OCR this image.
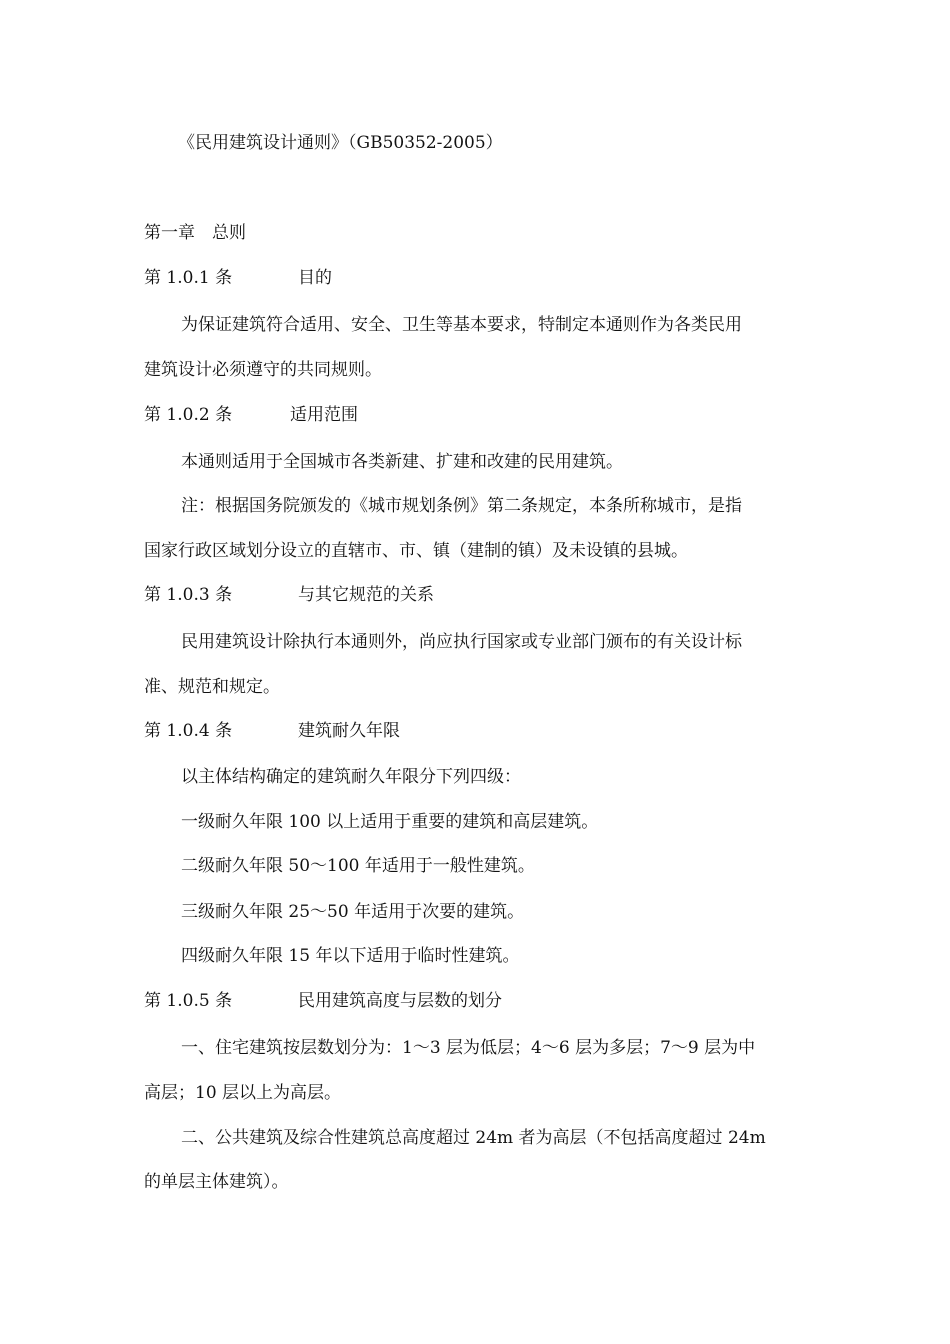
《民用建筑设计通则》（GB50352-2005）
第一章　总则
第 1.0.1 条	目的
为保证建筑符合适用、安全、卫生等基本要求，特制定本通则作为各类民用
建筑设计必须遵守的共同规则。
第 1.0.2 条	适用范围
本通则适用于全国城市各类新建、扩建和改建的民用建筑。
注：根据国务院颁发的《城市规划条例》第二条规定，本条所称城市，是指
国家行政区域划分设立的直辖市、市、镇（建制的镇）及未设镇的县城。
第 1.0.3 条	与其它规范的关系
民用建筑设计除执行本通则外，尚应执行国家或专业部门颁布的有关设计标
准、规范和规定。
第 1.0.4 条	建筑耐久年限
以主体结构确定的建筑耐久年限分下列四级：
一级耐久年限 100 以上适用于重要的建筑和高层建筑。
二级耐久年限 50～100 年适用于一般性建筑。
三级耐久年限 25～50 年适用于次要的建筑。
四级耐久年限 15 年以下适用于临时性建筑。
第 1.0.5 条	民用建筑高度与层数的划分
一、住宅建筑按层数划分为：1～3 层为低层；4～6 层为多层；7～9 层为中
高层；10 层以上为高层。
二、公共建筑及综合性建筑总高度超过 24m 者为高层（不包括高度超过 24m
的单层主体建筑）。
